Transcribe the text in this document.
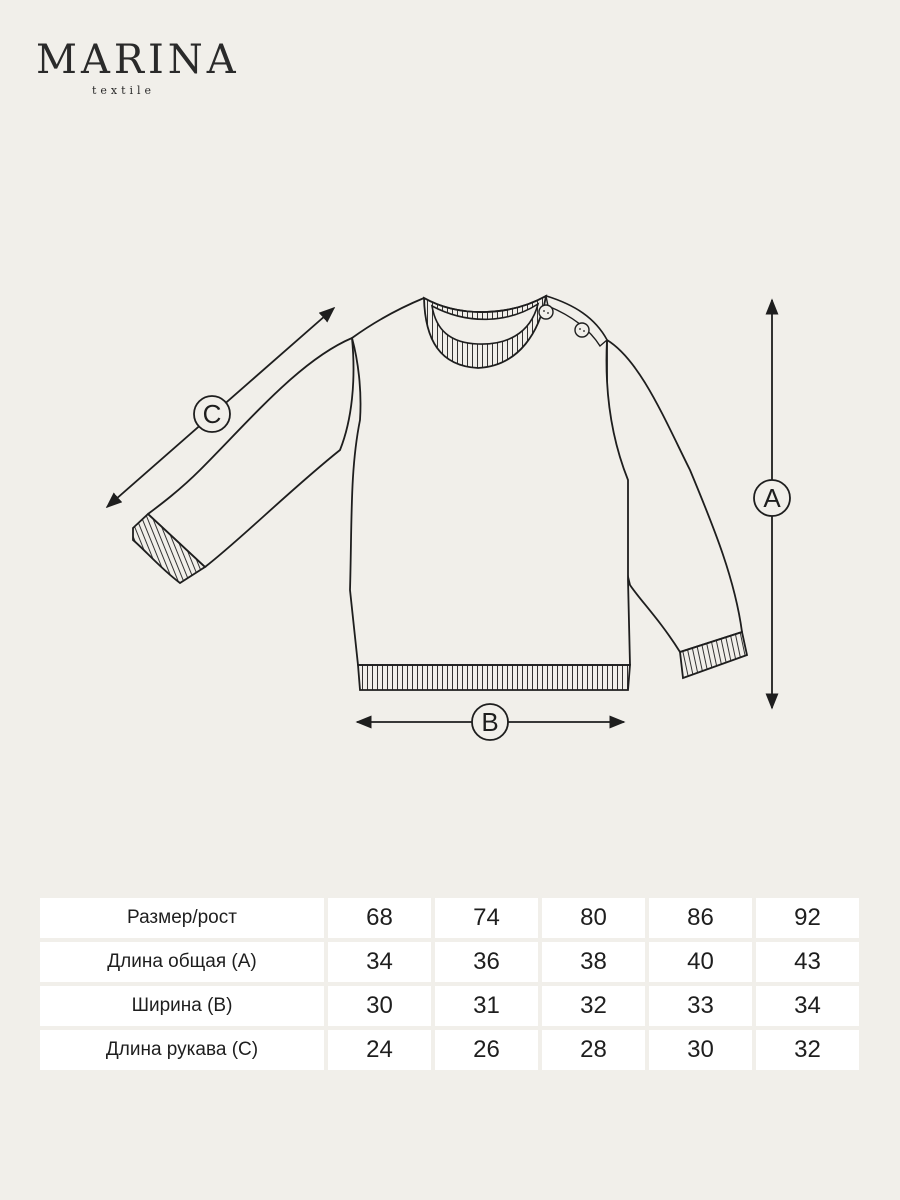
MARINA
textile
A
B
C
Размер/рост	68	74	80	86	92
Длина общая (А)	34	36	38	40	43
Ширина (В)	30	31	32	33	34
Длина рукава (С)	24	26	28	30	32
